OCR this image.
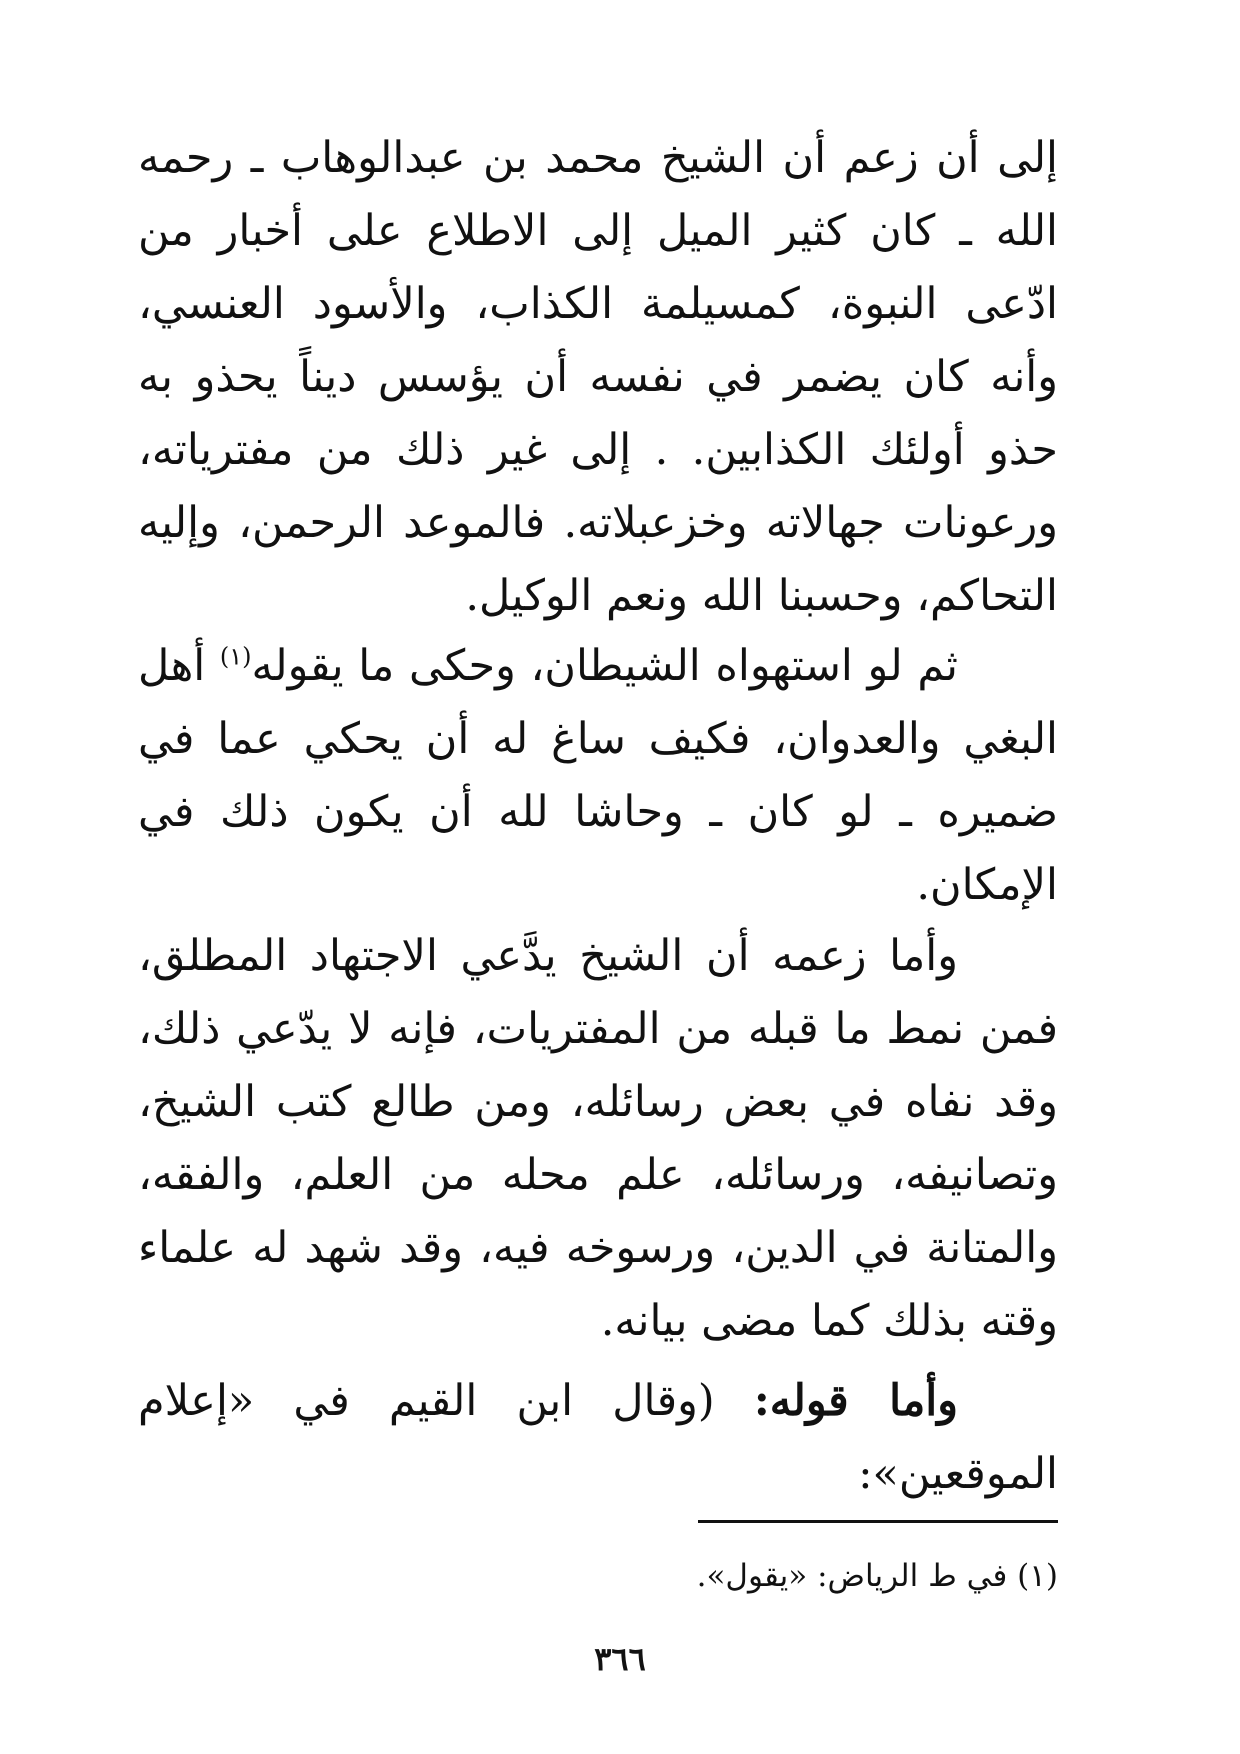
إلى أن زعم أن الشيخ محمد بن عبدالوهاب ـ رحمه الله ـ كان كثير الميل إلى الاطلاع على أخبار من ادّعى النبوة، كمسيلمة الكذاب، والأسود العنسي، وأنه كان يضمر في نفسه أن يؤسس ديناً يحذو به حذو أولئك الكذابين. . إلى غير ذلك من مفترياته، ورعونات جهالاته وخزعبلاته. فالموعد الرحمن، وإليه التحاكم، وحسبنا الله ونعم الوكيل.

ثم لو استهواه الشيطان، وحكى ما يقوله$^{(١)}$ أهل البغي والعدوان، فكيف ساغ له أن يحكي عما في ضميره ـ لو كان ـ وحاشا لله أن يكون ذلك في الإمكان.

وأما زعمه أن الشيخ يدَّعي الاجتهاد المطلق، فمن نمط ما قبله من المفتريات، فإنه لا يدّعي ذلك، وقد نفاه في بعض رسائله، ومن طالع كتب الشيخ، وتصانيفه، ورسائله، علم محله من العلم، والفقه، والمتانة في الدين، ورسوخه فيه، وقد شهد له علماء وقته بذلك كما مضى بيانه.

وأما قوله: (وقال ابن القيم في «إعلام الموقعين»:

(١) في ط الرياض: «يقول».

٣٦٦
